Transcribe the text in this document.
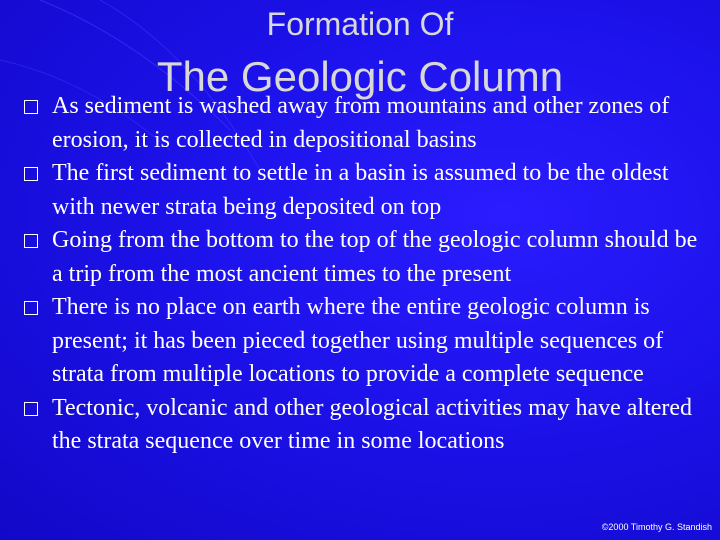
Formation Of
The Geologic Column
As sediment is washed away from mountains and other zones of erosion, it is collected in depositional basins
The first sediment to settle in a basin is assumed to be the oldest with newer strata being deposited on top
Going from the bottom to the top of the geologic column should be a trip from the most ancient times to the present
There is no place on earth where the entire geologic column is present; it has been pieced together using multiple sequences of strata from multiple locations to provide a complete sequence
Tectonic, volcanic and other geological activities may have altered the strata sequence over time in some locations
©2000 Timothy G. Standish
